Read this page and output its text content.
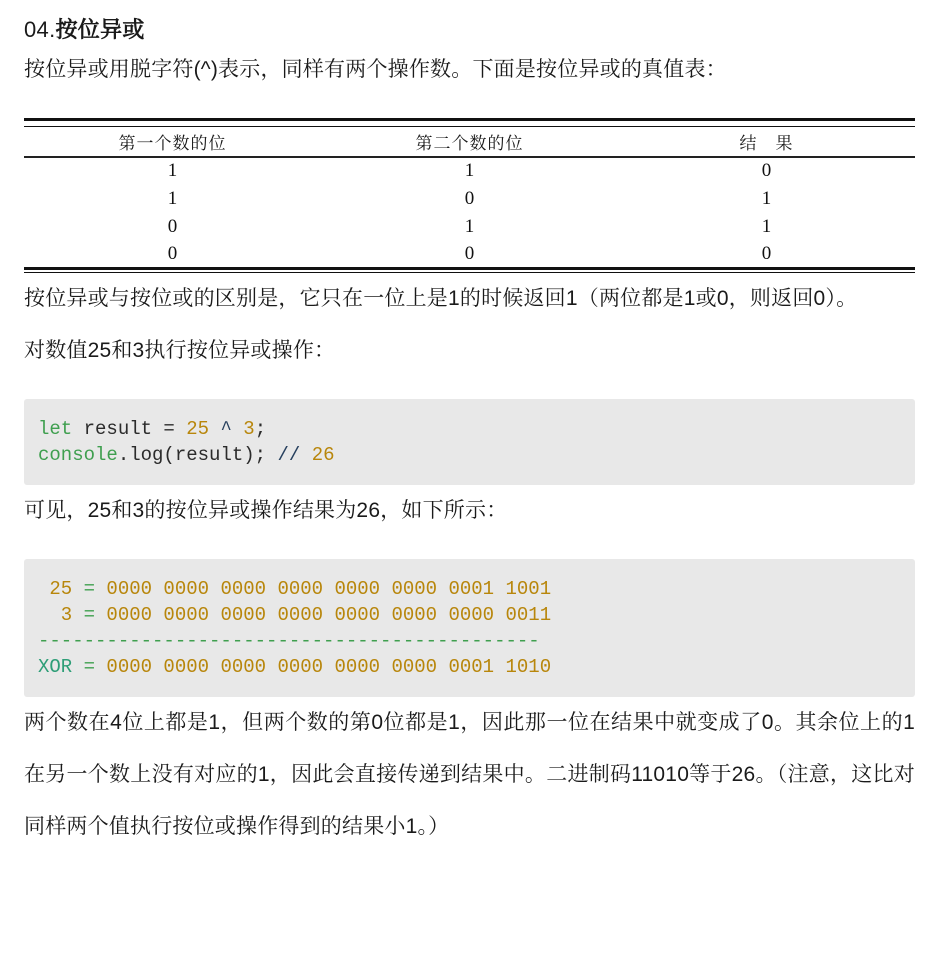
04.按位异或

按位异或用脱字符(^)表示，同样有两个操作数。下面是按位异或的真值表：

第一个数的位	第二个数的位	结　果
1	1	0
1	0	1
0	1	1
0	0	0

按位异或与按位或的区别是，它只在一位上是1的时候返回1（两位都是1或0，则返回0）。

对数值25和3执行按位异或操作：

let result = 25 ^ 3;
console.log(result); // 26

可见，25和3的按位异或操作结果为26，如下所示：

25 = 0000 0000 0000 0000 0000 0000 0001 1001
3 = 0000 0000 0000 0000 0000 0000 0000 0011
--------------------------------------------
XOR = 0000 0000 0000 0000 0000 0000 0001 1010

两个数在4位上都是1，但两个数的第0位都是1，因此那一位在结果中就变成了0。其余位上的1在另一个数上没有对应的1，因此会直接传递到结果中。二进制码11010等于26。（注意，这比对同样两个值执行按位或操作得到的结果小1。）
